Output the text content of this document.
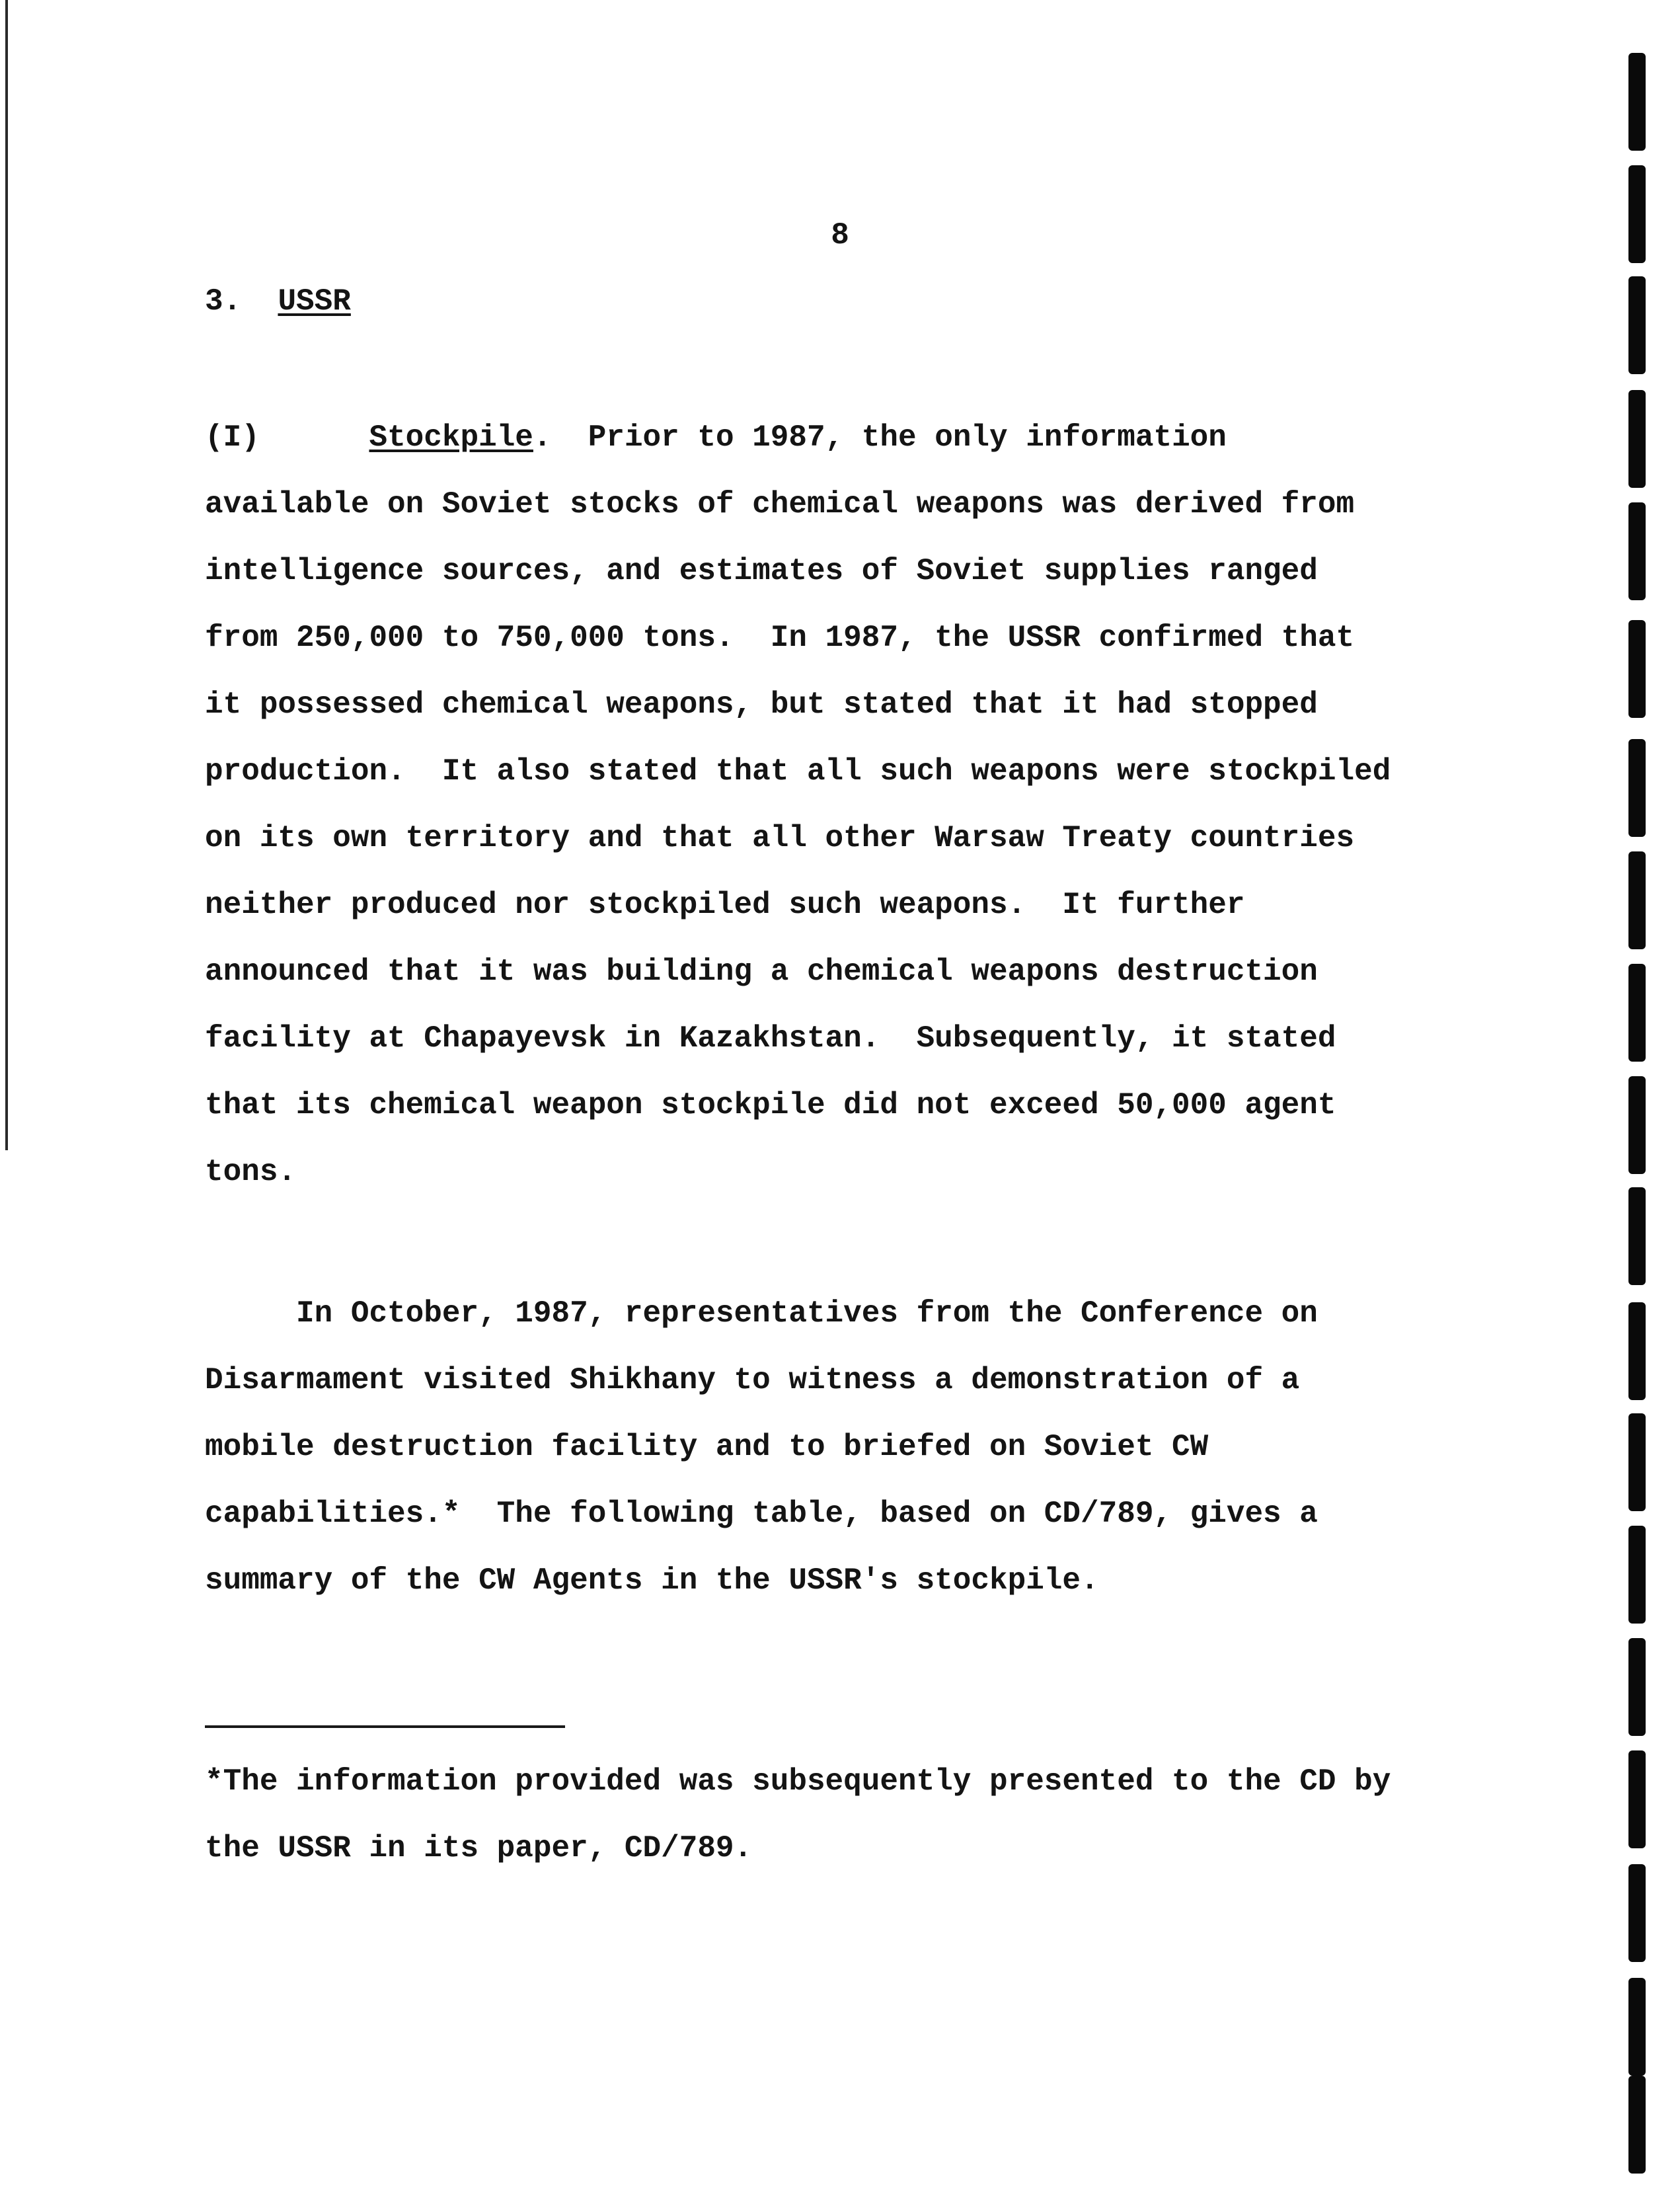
8
3. USSR
(I)	Stockpile.  Prior to 1987, the only information
available on Soviet stocks of chemical weapons was derived from
intelligence sources, and estimates of Soviet supplies ranged
from 250,000 to 750,000 tons.  In 1987, the USSR confirmed that
it possessed chemical weapons, but stated that it had stopped
production.  It also stated that all such weapons were stockpiled
on its own territory and that all other Warsaw Treaty countries
neither produced nor stockpiled such weapons.  It further
announced that it was building a chemical weapons destruction
facility at Chapayevsk in Kazakhstan.  Subsequently, it stated
that its chemical weapon stockpile did not exceed 50,000 agent
tons.
In October, 1987, representatives from the Conference on
Disarmament visited Shikhany to witness a demonstration of a
mobile destruction facility and to briefed on Soviet CW
capabilities.*  The following table, based on CD/789, gives a
summary of the CW Agents in the USSR's stockpile.
*The information provided was subsequently presented to the CD by
the USSR in its paper, CD/789.
